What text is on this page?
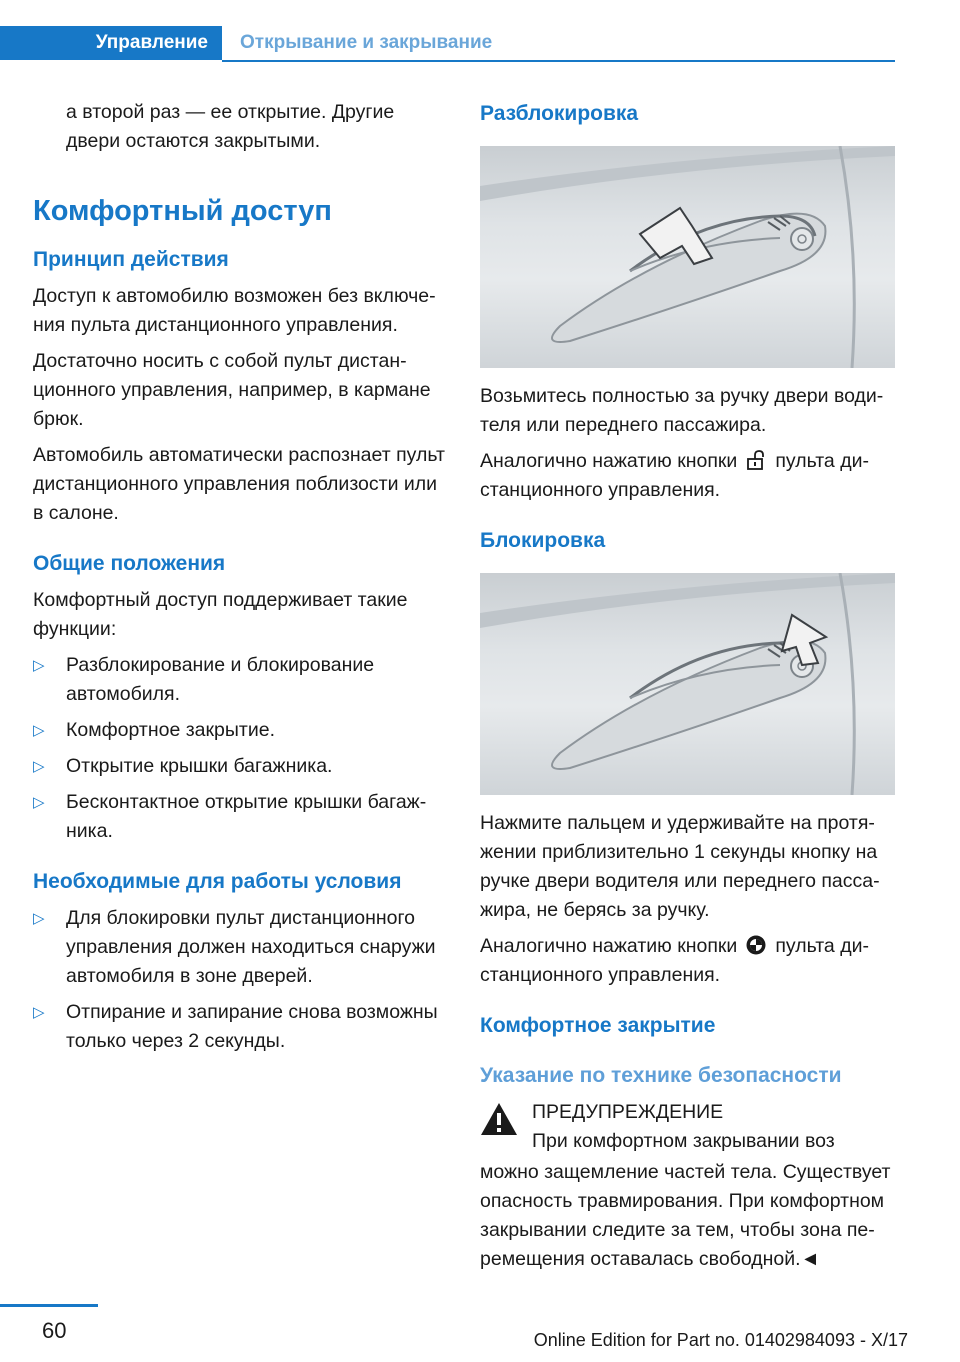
Управление	Открывание и закрывание

а второй раз — ее открытие. Другие двери остаются закрытыми.

Комфортный доступ
Принцип действия

Доступ к автомобилю возможен без включения пульта дистанционного управления.

Достаточно носить с собой пульт дистанционного управления, например, в кармане брюк.

Автомобиль автоматически распознает пульт дистанционного управления поблизости или в салоне.

Общие положения

Комфортный доступ поддерживает такие функции:

▷ Разблокирование и блокирование автомобиля.
▷ Комфортное закрытие.
▷ Открытие крышки багажника.
▷ Бесконтактное открытие крышки багажника.
Необходимые для работы условия
▷ Для блокировки пульт дистанционного управления должен находиться снаружи автомобиля в зоне дверей.
▷ Отпирание и запирание снова возможны только через 2 секунды.
Разблокировка

Возьмитесь полностью за ручку двери водителя или переднего пассажира.

Аналогично нажатию кнопки пульта дистанционного управления.

Блокировка

Нажмите пальцем и удерживайте на протяжении приблизительно 1 секунды кнопку на ручке двери водителя или переднего пассажира, не берясь за ручку.

Аналогично нажатию кнопки пульта дистанционного управления.

Комфортное закрытие
Указание по технике безопасности
ПРЕДУПРЕЖДЕНИЕ
При комфортном закрывании воз

можно защемление частей тела. Существует опасность травмирования. При комфортном закрывании следите за тем, чтобы зона перемещения оставалась свободной.◄

60	Online Edition for Part no. 01402984093 - X/17
